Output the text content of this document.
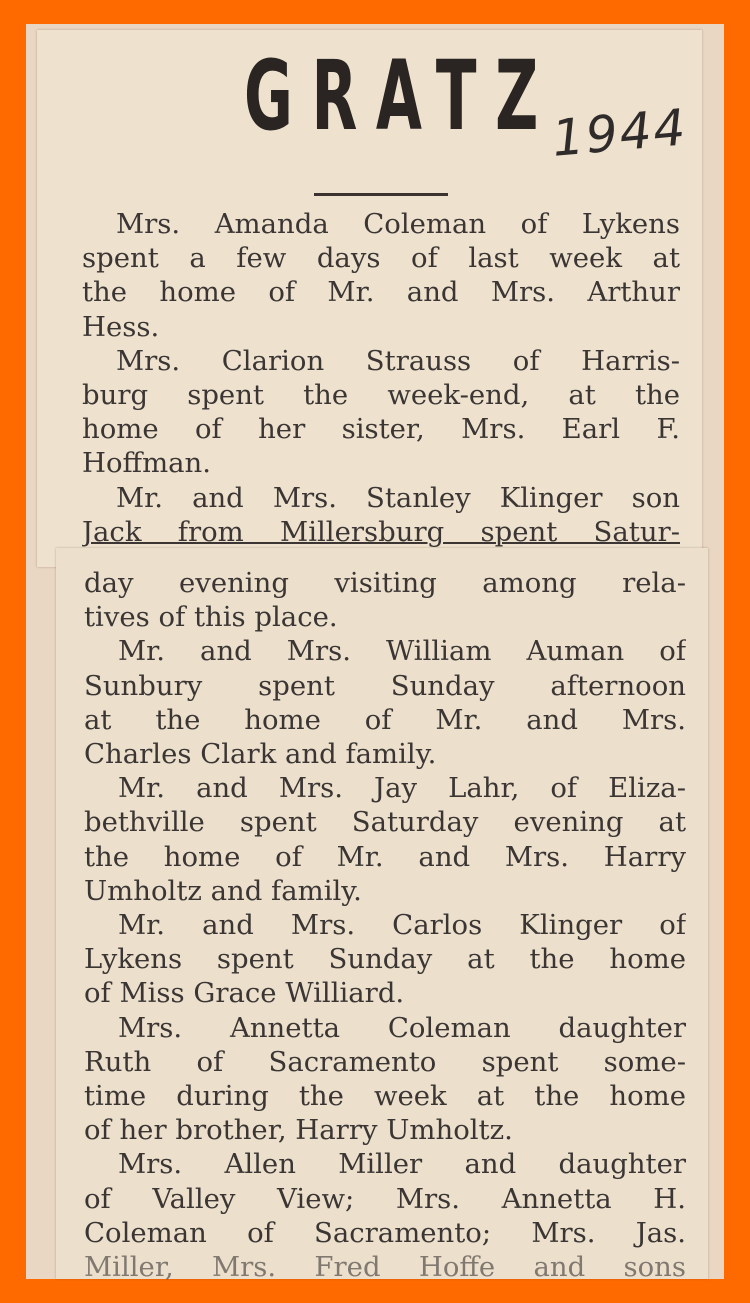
GRATZ
1944
Mrs. Amanda Coleman of Lykens
spent a few days of last week at
the home of Mr. and Mrs. Arthur
Hess.
Mrs. Clarion Strauss of Harris-
burg spent the week-end, at the
home of her sister, Mrs. Earl F.
Hoffman.
Mr. and Mrs. Stanley Klinger son
Jack from Millersburg spent Satur-
day evening visiting among rela-
tives of this place.
Mr. and Mrs. William Auman of
Sunbury spent Sunday afternoon
at the home of Mr. and Mrs.
Charles Clark and family.
Mr. and Mrs. Jay Lahr, of Eliza-
bethville spent Saturday evening at
the home of Mr. and Mrs. Harry
Umholtz and family.
Mr. and Mrs. Carlos Klinger of
Lykens spent Sunday at the home
of Miss Grace Williard.
Mrs. Annetta Coleman daughter
Ruth of Sacramento spent some-
time during the week at the home
of her brother, Harry Umholtz.
Mrs. Allen Miller and daughter
of Valley View; Mrs. Annetta H.
Coleman of Sacramento; Mrs. Jas.
Miller, Mrs. Fred Hoffe and sons
